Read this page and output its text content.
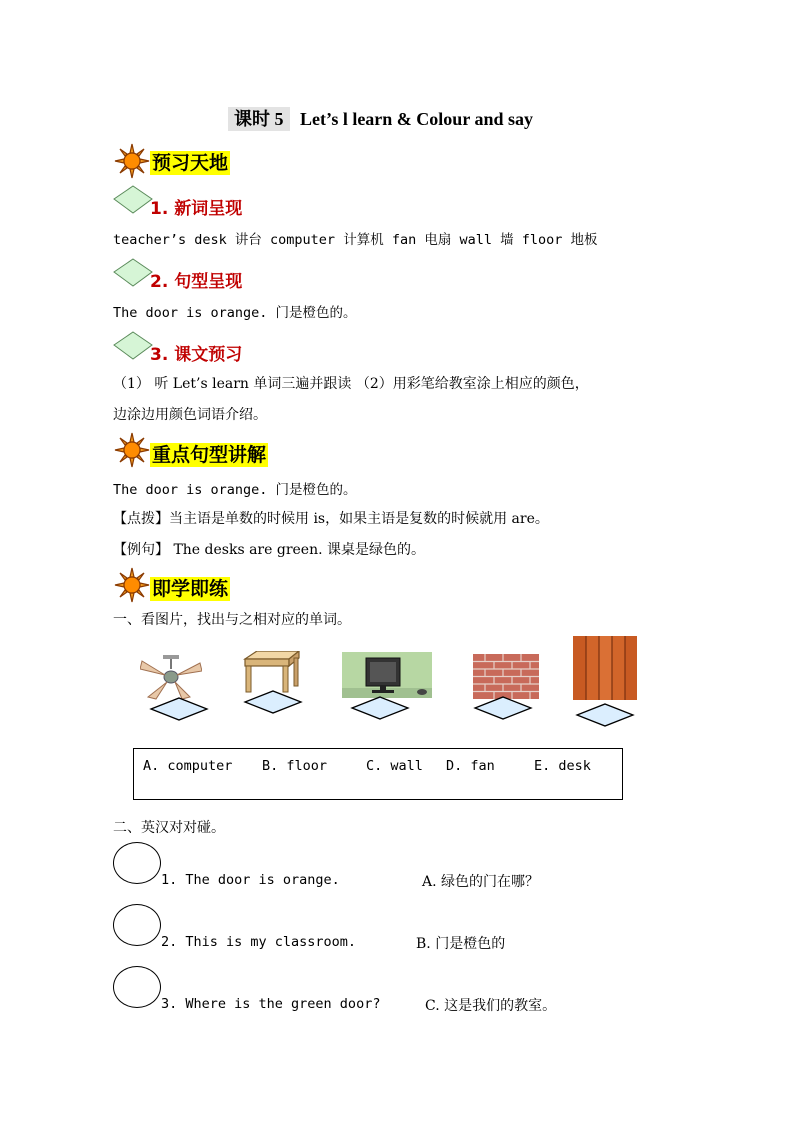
课时 5 Let’s l learn & Colour and say
预习天地
1. 新词呈现
teacher’s desk 讲台 computer 计算机 fan 电扇 wall 墙 floor 地板
2. 句型呈现
The door is orange. 门是橙色的。
3. 课文预习
（1） 听 Let’s learn 单词三遍并跟读 （2）用彩笔给教室涂上相应的颜色，
边涂边用颜色词语介绍。
重点句型讲解
The door is orange. 门是橙色的。
【点拨】当主语是单数的时候用 is，如果主语是复数的时候就用 are。
【例句】 The desks are green. 课桌是绿色的。
即学即练
一、看图片，找出与之相对应的单词。
A. computer B. floor	C. wall D. fan	E. desk
二、英汉对对碰。
1. The door is orange.	A. 绿色的门在哪？
2. This is my classroom.	B. 门是橙色的
3. Where is the green door?	C. 这是我们的教室。
